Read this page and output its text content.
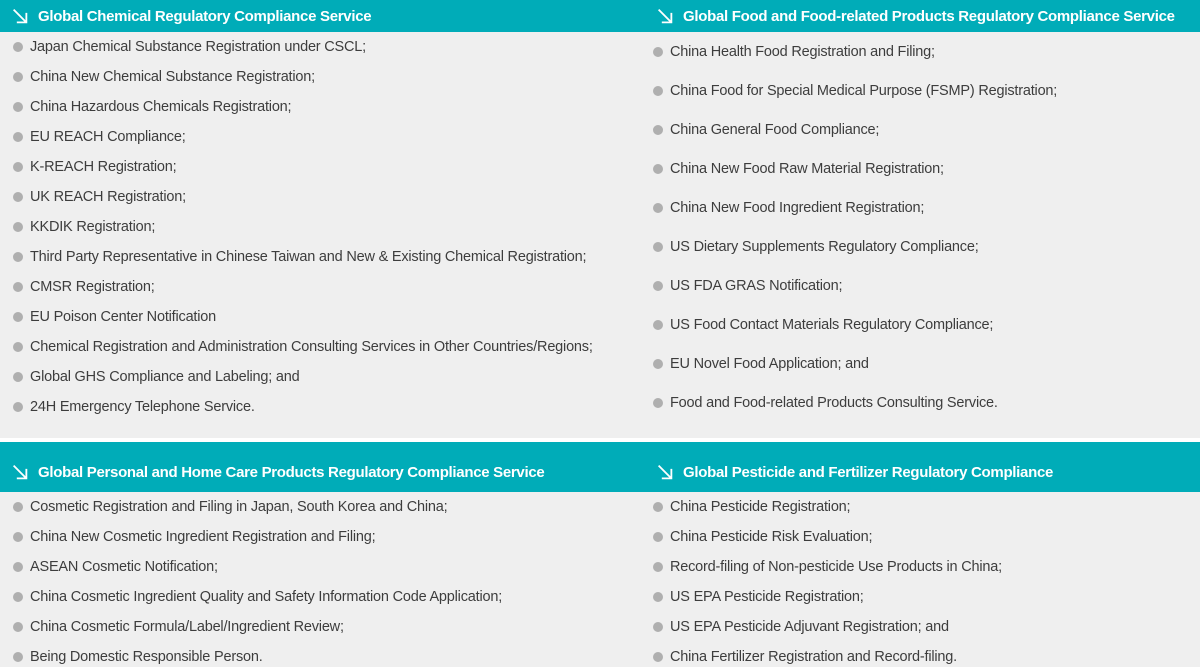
Global Chemical Regulatory Compliance Service	Global Food and Food-related Products Regulatory Compliance Service
Japan Chemical Substance Registration under CSCL;
China New Chemical Substance Registration;
China Hazardous Chemicals Registration;
EU REACH Compliance;
K-REACH Registration;
UK REACH Registration;
KKDIK Registration;
Third Party Representative in Chinese Taiwan and New & Existing Chemical Registration;
CMSR Registration;
EU Poison Center Notification
Chemical Registration and Administration Consulting Services in Other Countries/Regions;
Global GHS Compliance and Labeling; and
24H Emergency Telephone Service.
China Health Food Registration and Filing;
China Food for Special Medical Purpose (FSMP) Registration;
China General Food Compliance;
China New Food Raw Material Registration;
China New Food Ingredient Registration;
US Dietary Supplements Regulatory Compliance;
US FDA GRAS Notification;
US Food Contact Materials Regulatory Compliance;
EU Novel Food Application; and
Food and Food-related Products Consulting Service.
Global Personal and Home Care Products Regulatory Compliance Service	Global Pesticide and Fertilizer Regulatory Compliance
Cosmetic Registration and Filing in Japan, South Korea and China;
China New Cosmetic Ingredient Registration and Filing;
ASEAN Cosmetic Notification;
China Cosmetic Ingredient Quality and Safety Information Code Application;
China Cosmetic Formula/Label/Ingredient Review;
Being Domestic Responsible Person.
China Pesticide Registration;
China Pesticide Risk Evaluation;
Record-filing of Non-pesticide Use Products in China;
US EPA Pesticide Registration;
US EPA Pesticide Adjuvant Registration; and
China Fertilizer Registration and Record-filing.
